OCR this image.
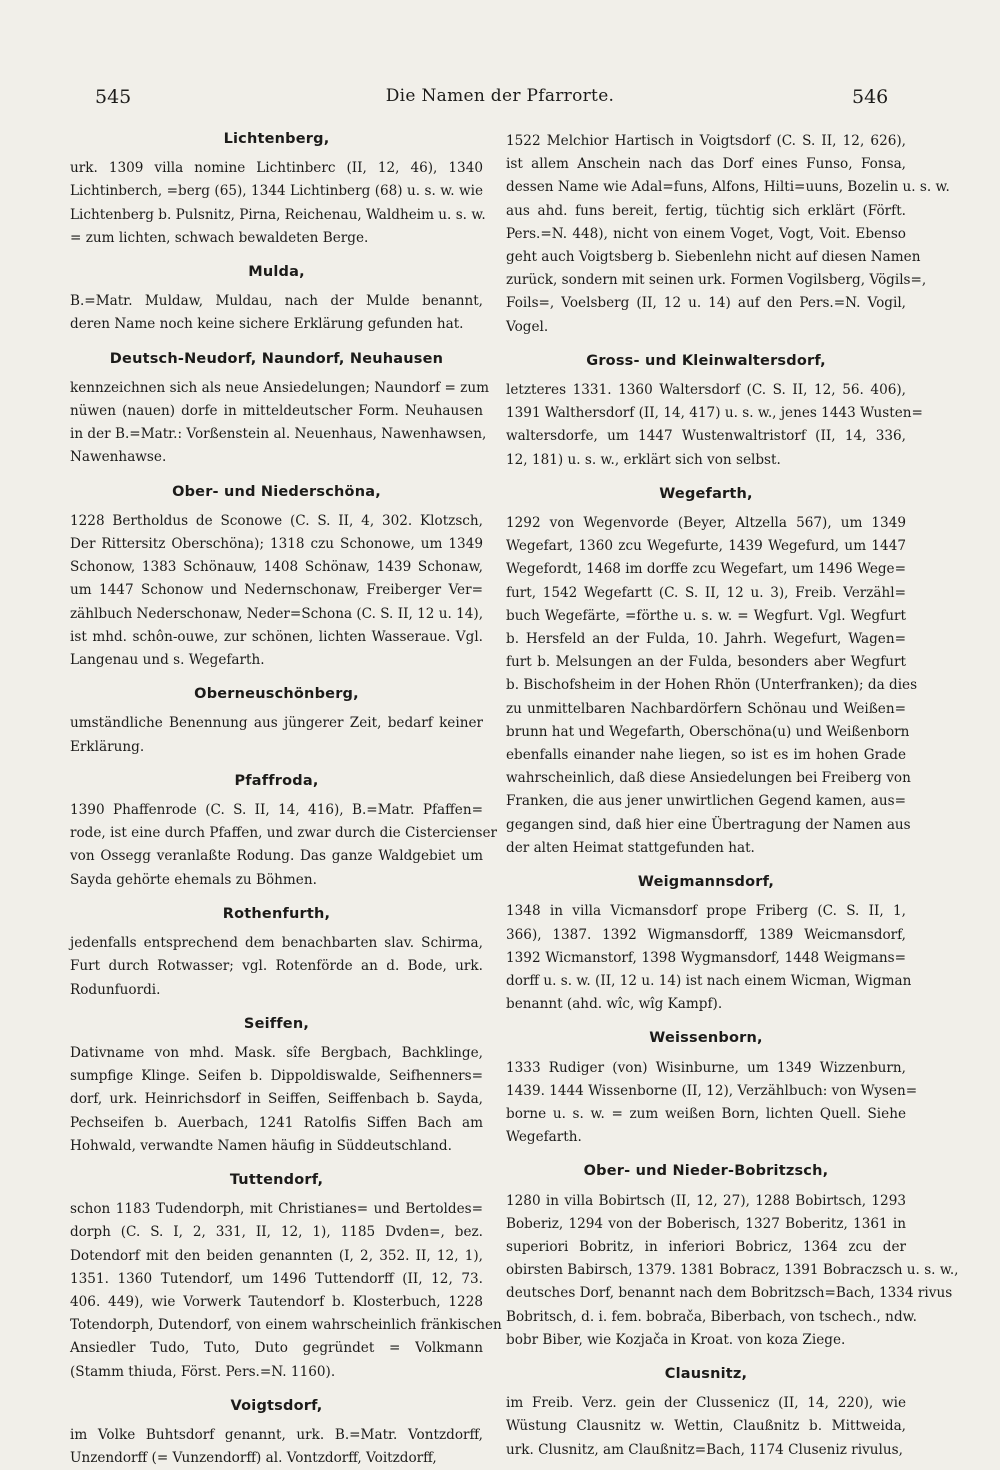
545	Die Namen der Pfarrorte.	546
Lichtenberg,
urk. 1309 villa nomine Lichtinberc (II, 12, 46), 1340
Lichtinberch, =berg (65), 1344 Lichtinberg (68) u. s. w. wie
Lichtenberg b. Pulsnitz, Pirna, Reichenau, Waldheim u. s. w.
= zum lichten, schwach bewaldeten Berge.
Mulda,
B.=Matr. Muldaw, Muldau, nach der Mulde benannt,
deren Name noch keine sichere Erklärung gefunden hat.
Deutsch-Neudorf, Naundorf, Neuhausen
kennzeichnen sich als neue Ansiedelungen; Naundorf = zum
nüwen (nauen) dorfe in mitteldeutscher Form. Neuhausen
in der B.=Matr.: Vorßenstein al. Neuenhaus, Nawenhawsen,
Nawenhawse.
Ober- und Niederschöna,
1228 Bertholdus de Sconowe (C. S. II, 4, 302. Klotzsch,
Der Rittersitz Oberschöna); 1318 czu Schonowe, um 1349
Schonow, 1383 Schönauw, 1408 Schönaw, 1439 Schonaw,
um 1447 Schonow und Nedernschonaw, Freiberger Ver=
zählbuch Nederschonaw, Neder=Schona (C. S. II, 12 u. 14),
ist mhd. schôn-ouwe, zur schönen, lichten Wasseraue. Vgl.
Langenau und s. Wegefarth.
Oberneuschönberg,
umständliche Benennung aus jüngerer Zeit, bedarf keiner
Erklärung.
Pfaffroda,
1390 Phaffenrode (C. S. II, 14, 416), B.=Matr. Pfaffen=
rode, ist eine durch Pfaffen, und zwar durch die Cistercienser
von Ossegg veranlaßte Rodung. Das ganze Waldgebiet um
Sayda gehörte ehemals zu Böhmen.
Rothenfurth,
jedenfalls entsprechend dem benachbarten slav. Schirma,
Furt durch Rotwasser; vgl. Rotenförde an d. Bode, urk.
Rodunfuordi.
Seiffen,
Dativname von mhd. Mask. sîfe Bergbach, Bachklinge,
sumpfige Klinge. Seifen b. Dippoldiswalde, Seifhenners=
dorf, urk. Heinrichsdorf in Seiffen, Seiffenbach b. Sayda,
Pechseifen b. Auerbach, 1241 Ratolfis Siffen Bach am
Hohwald, verwandte Namen häufig in Süddeutschland.
Tuttendorf,
schon 1183 Tudendorph, mit Christianes= und Bertoldes=
dorph (C. S. I, 2, 331, II, 12, 1), 1185 Dvden=, bez.
Dotendorf mit den beiden genannten (I, 2, 352. II, 12, 1),
1351. 1360 Tutendorf, um 1496 Tuttendorff (II, 12, 73.
406. 449), wie Vorwerk Tautendorf b. Klosterbuch, 1228
Totendorph, Dutendorf, von einem wahrscheinlich fränkischen
Ansiedler Tudo, Tuto, Duto gegründet = Volkmann
(Stamm thiuda, Först. Pers.=N. 1160).
Voigtsdorf,
im Volke Buhtsdorf genannt, urk. B.=Matr. Vontzdorff,
Unzendorff (= Vunzendorff) al. Vontzdorff, Voitzdorff,
1522 Melchior Hartisch in Voigtsdorf (C. S. II, 12, 626),
ist allem Anschein nach das Dorf eines Funso, Fonsa,
dessen Name wie Adal=funs, Alfons, Hilti=uuns, Bozelin u. s. w.
aus ahd. funs bereit, fertig, tüchtig sich erklärt (Förft.
Pers.=N. 448), nicht von einem Voget, Vogt, Voit. Ebenso
geht auch Voigtsberg b. Siebenlehn nicht auf diesen Namen
zurück, sondern mit seinen urk. Formen Vogilsberg, Vögils=,
Foils=, Voelsberg (II, 12 u. 14) auf den Pers.=N. Vogil,
Vogel.
Gross- und Kleinwaltersdorf,
letzteres 1331. 1360 Waltersdorf (C. S. II, 12, 56. 406),
1391 Walthersdorf (II, 14, 417) u. s. w., jenes 1443 Wusten=
waltersdorfe, um 1447 Wustenwaltristorf (II, 14, 336,
12, 181) u. s. w., erklärt sich von selbst.
Wegefarth,
1292 von Wegenvorde (Beyer, Altzella 567), um 1349
Wegefart, 1360 zcu Wegefurte, 1439 Wegefurd, um 1447
Wegefordt, 1468 im dorffe zcu Wegefart, um 1496 Wege=
furt, 1542 Wegefartt (C. S. II, 12 u. 3), Freib. Verzähl=
buch Wegefärte, =förthe u. s. w. = Wegfurt. Vgl. Wegfurt
b. Hersfeld an der Fulda, 10. Jahrh. Wegefurt, Wagen=
furt b. Melsungen an der Fulda, besonders aber Wegfurt
b. Bischofsheim in der Hohen Rhön (Unterfranken); da dies
zu unmittelbaren Nachbardörfern Schönau und Weißen=
brunn hat und Wegefarth, Oberschöna(u) und Weißenborn
ebenfalls einander nahe liegen, so ist es im hohen Grade
wahrscheinlich, daß diese Ansiedelungen bei Freiberg von
Franken, die aus jener unwirtlichen Gegend kamen, aus=
gegangen sind, daß hier eine Übertragung der Namen aus
der alten Heimat stattgefunden hat.
Weigmannsdorf,
1348 in villa Vicmansdorf prope Friberg (C. S. II, 1,
366), 1387. 1392 Wigmansdorff, 1389 Weicmansdorf,
1392 Wicmanstorf, 1398 Wygmansdorf, 1448 Weigmans=
dorff u. s. w. (II, 12 u. 14) ist nach einem Wicman, Wigman
benannt (ahd. wîc, wîg Kampf).
Weissenborn,
1333 Rudiger (von) Wisinburne, um 1349 Wizzenburn,
1439. 1444 Wissenborne (II, 12), Verzählbuch: von Wysen=
borne u. s. w. = zum weißen Born, lichten Quell. Siehe
Wegefarth.
Ober- und Nieder-Bobritzsch,
1280 in villa Bobirtsch (II, 12, 27), 1288 Bobirtsch, 1293
Boberiz, 1294 von der Boberisch, 1327 Boberitz, 1361 in
superiori Bobritz, in inferiori Bobricz, 1364 zcu der
obirsten Babirsch, 1379. 1381 Bobracz, 1391 Bobraczsch u. s. w.,
deutsches Dorf, benannt nach dem Bobritzsch=Bach, 1334 rivus
Bobritsch, d. i. fem. bobrača, Biberbach, von tschech., ndw.
bobr Biber, wie Kozjača in Kroat. von koza Ziege.
Clausnitz,
im Freib. Verz. gein der Clussenicz (II, 14, 220), wie
Wüstung Clausnitz w. Wettin, Claußnitz b. Mittweida,
urk. Clusnitz, am Claußnitz=Bach, 1174 Cluseniz rivulus,
